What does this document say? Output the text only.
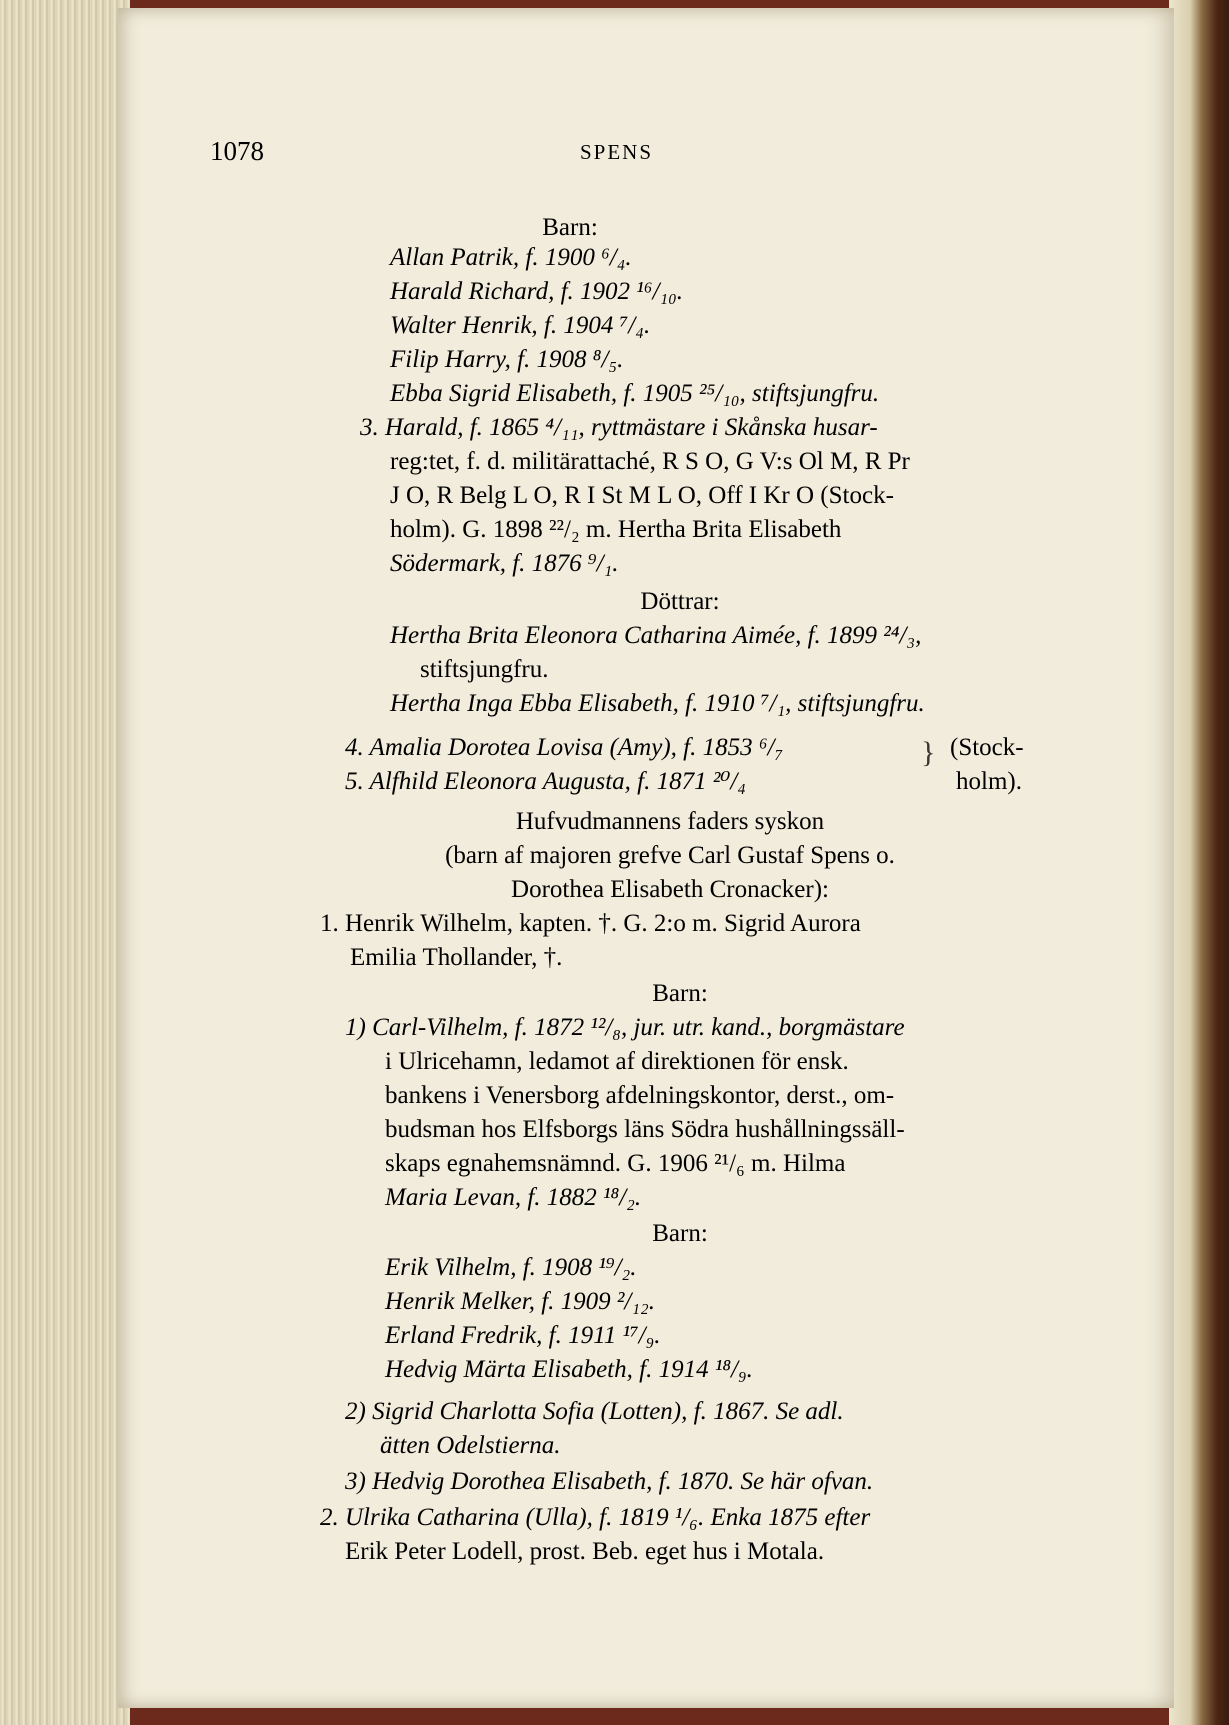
1078	SPENS
Barn:
Allan Patrik, f. 1900 ⁶/₄.
Harald Richard, f. 1902 ¹⁶/₁₀.
Walter Henrik, f. 1904 ⁷/₄.
Filip Harry, f. 1908 ⁸/₅.
Ebba Sigrid Elisabeth, f. 1905 ²⁵/₁₀, stiftsjungfru.
3. Harald, f. 1865 ⁴/₁₁, ryttmästare i Skånska husar-
reg:tet, f. d. militärattaché, R S O, G V:s Ol M, R Pr
J O, R Belg L O, R I St M L O, Off I Kr O (Stock-
holm). G. 1898 ²²/₂ m. Hertha Brita Elisabeth
Södermark, f. 1876 ⁹/₁.
Döttrar:
Hertha Brita Eleonora Catharina Aimée, f. 1899 ²⁴/₃,
stiftsjungfru.
Hertha Inga Ebba Elisabeth, f. 1910 ⁷/₁, stiftsjungfru.
4. Amalia Dorotea Lovisa (Amy), f. 1853 ⁶/₇
5. Alfhild Eleonora Augusta, f. 1871 ²⁰/₄
} (Stock-
holm).
Hufvudmannens faders syskon
(barn af majoren grefve Carl Gustaf Spens o.
Dorothea Elisabeth Cronacker):
1. Henrik Wilhelm, kapten. †. G. 2:o m. Sigrid Aurora
Emilia Thollander, †.
Barn:
1) Carl-Vilhelm, f. 1872 ¹²/₈, jur. utr. kand., borgmästare
i Ulricehamn, ledamot af direktionen för ensk.
bankens i Venersborg afdelningskontor, derst., om-
budsman hos Elfsborgs läns Södra hushållningssäll-
skaps egnahemsnämnd. G. 1906 ²¹/₆ m. Hilma
Maria Levan, f. 1882 ¹⁸/₂.
Barn:
Erik Vilhelm, f. 1908 ¹⁹/₂.
Henrik Melker, f. 1909 ²/₁₂.
Erland Fredrik, f. 1911 ¹⁷/₉.
Hedvig Märta Elisabeth, f. 1914 ¹⁸/₉.
2) Sigrid Charlotta Sofia (Lotten), f. 1867. Se adl.
ätten Odelstierna.
3) Hedvig Dorothea Elisabeth, f. 1870. Se här ofvan.
2. Ulrika Catharina (Ulla), f. 1819 ¹/₆. Enka 1875 efter
Erik Peter Lodell, prost. Beb. eget hus i Motala.
